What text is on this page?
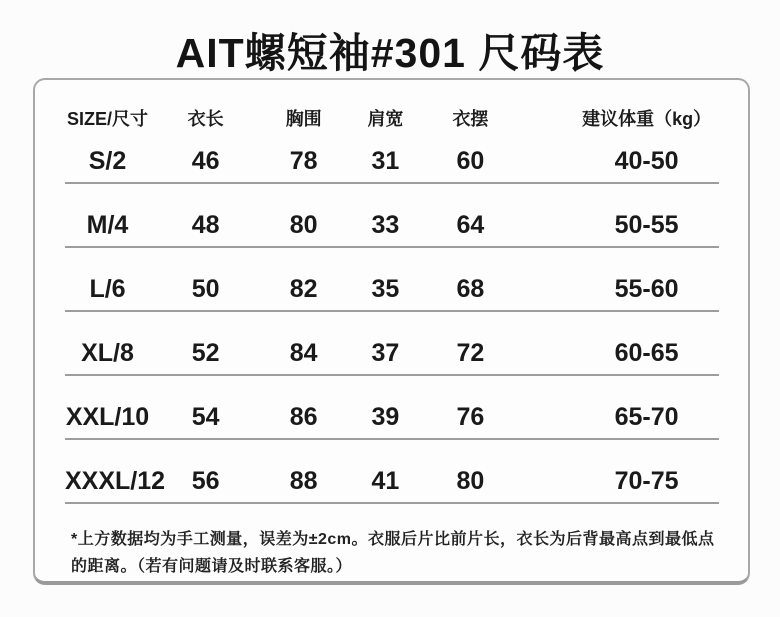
AIT螺短袖#301 尺码表
SIZE/尺寸	衣长	胸围	肩宽	衣摆	建议体重（kg）
S/2	46	78	31	60	40-50
M/4	48	80	33	64	50-55
L/6	50	82	35	68	55-60
XL/8	52	84	37	72	60-65
XXL/10	54	86	39	76	65-70
XXXL/12	56	88	41	80	70-75
*上方数据均为手工测量，误差为±2cm。衣服后片比前片长，衣长为后背最高点到最低点
的距离。（若有问题请及时联系客服。）
